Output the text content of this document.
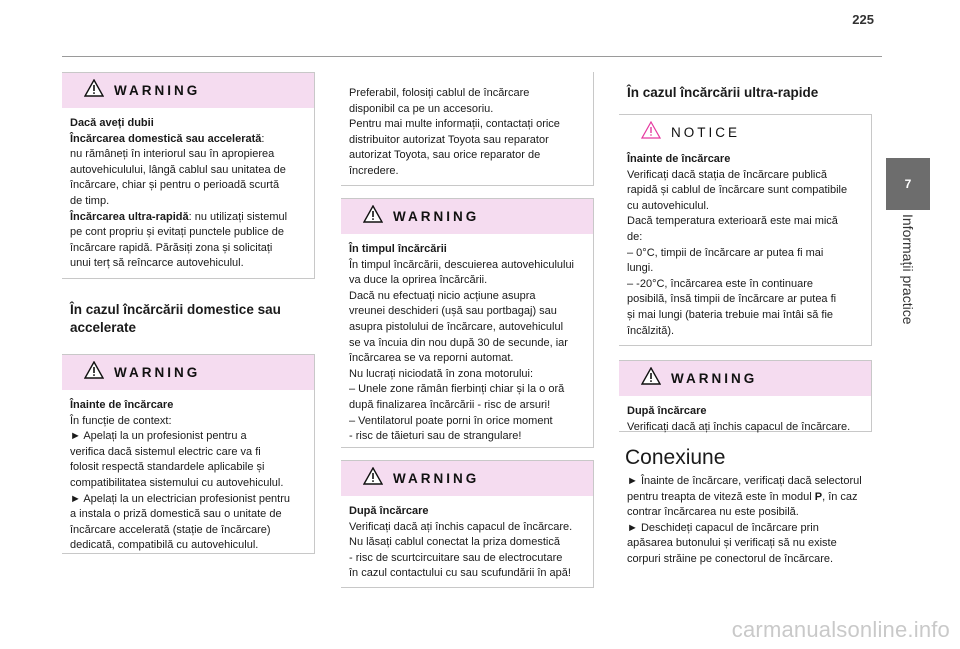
225
WARNING
Dacă aveți dubii
Încărcarea domestică sau accelerată:
nu rămâneți în interiorul sau în apropierea
autovehiculului, lângă cablul sau unitatea de
încărcare, chiar și pentru o perioadă scurtă
de timp.
Încărcarea ultra-rapidă: nu utilizați sistemul
pe cont propriu și evitați punctele publice de
încărcare rapidă. Părăsiți zona și solicitați
unui terț să reîncarce autovehiculul.
În cazul încărcării domestice sau
accelerate
WARNING
Înainte de încărcare
În funcție de context:
► Apelați la un profesionist pentru a
verifica dacă sistemul electric care va fi
folosit respectă standardele aplicabile și
compatibilitatea sistemului cu autovehiculul.
► Apelați la un electrician profesionist pentru
a instala o priză domestică sau o unitate de
încărcare accelerată (stație de încărcare)
dedicată, compatibilă cu autovehiculul.
Preferabil, folosiți cablul de încărcare
disponibil ca pe un accesoriu.
Pentru mai multe informații, contactați orice
distribuitor autorizat Toyota sau reparator
autorizat Toyota, sau orice reparator de
încredere.
WARNING
În timpul încărcării
În timpul încărcării, descuierea autovehiculului
va duce la oprirea încărcării.
Dacă nu efectuați nicio acțiune asupra
vreunei deschideri (ușă sau portbagaj) sau
asupra pistolului de încărcare, autovehiculul
se va încuia din nou după 30 de secunde, iar
încărcarea se va reporni automat.
Nu lucrați niciodată în zona motorului:
– Unele zone rămân fierbinți chiar și la o oră
după finalizarea încărcării - risc de arsuri!
– Ventilatorul poate porni în orice moment
- risc de tăieturi sau de strangulare!
WARNING
După încărcare
Verificați dacă ați închis capacul de încărcare.
Nu lăsați cablul conectat la priza domestică
- risc de scurtcircuitare sau de electrocutare
în cazul contactului cu sau scufundării în apă!
În cazul încărcării ultra-rapide
NOTICE
Înainte de încărcare
Verificați dacă stația de încărcare publică
rapidă și cablul de încărcare sunt compatibile
cu autovehiculul.
Dacă temperatura exterioară este mai mică
de:
– 0°C, timpii de încărcare ar putea fi mai
lungi.
– -20°C, încărcarea este în continuare
posibilă, însă timpii de încărcare ar putea fi
și mai lungi (bateria trebuie mai întâi să fie
încălzită).
WARNING
După încărcare
Verificați dacă ați închis capacul de încărcare.
Conexiune
► Înainte de încărcare, verificați dacă selectorul
pentru treapta de viteză este în modul P, în caz
contrar încărcarea nu este posibilă.
► Deschideți capacul de încărcare prin
apăsarea butonului și verificați să nu existe
corpuri străine pe conectorul de încărcare.
7
Informații practice
carmanualsonline.info
